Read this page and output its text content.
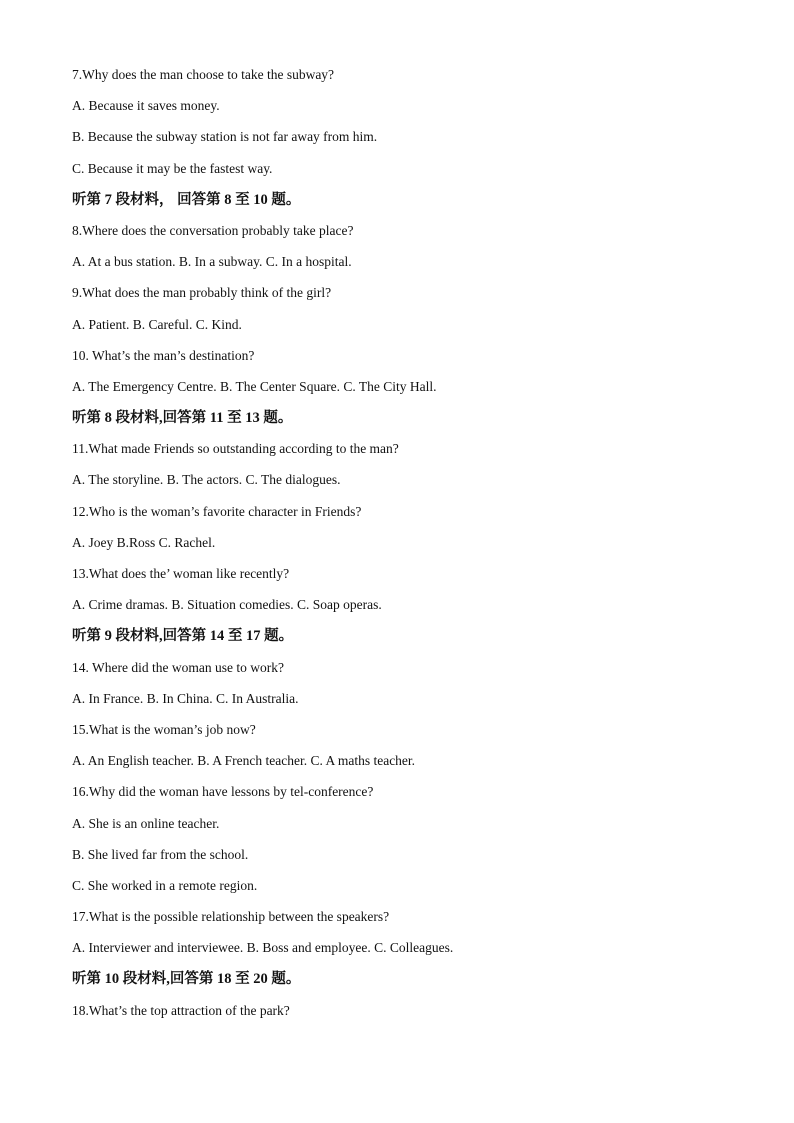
7.Why does the man choose to take the subway?
A. Because it saves money.
B. Because the subway station is not far away from him.
C. Because it may be the fastest way.
听第 7 段材料， 回答第 8 至 10 题。
8.Where does the conversation probably take place?
A. At a bus station. B. In a subway. C. In a hospital.
9.What does the man probably think of the girl?
A. Patient. B. Careful. C. Kind.
10. What’s the man’s destination?
A. The Emergency Centre. B. The Center Square. C. The City Hall.
听第 8 段材料,回答第 11 至 13 题。
11.What made Friends so outstanding according to the man?
A. The storyline. B. The actors. C. The dialogues.
12.Who is the woman’s favorite character in Friends?
A. Joey B.Ross C. Rachel.
13.What does the’ woman like recently?
A. Crime dramas. B. Situation comedies. C. Soap operas.
听第 9 段材料,回答第 14 至 17 题。
14. Where did the woman use to work?
A. In France. B. In China. C. In Australia.
15.What is the woman’s job now?
A. An English teacher. B. A French teacher. C. A maths teacher.
16.Why did the woman have lessons by tel-conference?
A. She is an online teacher.
B. She lived far from the school.
C. She worked in a remote region.
17.What is the possible relationship between the speakers?
A. Interviewer and interviewee. B. Boss and employee. C. Colleagues.
听第 10 段材料,回答第 18 至 20 题。
18.What’s the top attraction of the park?
